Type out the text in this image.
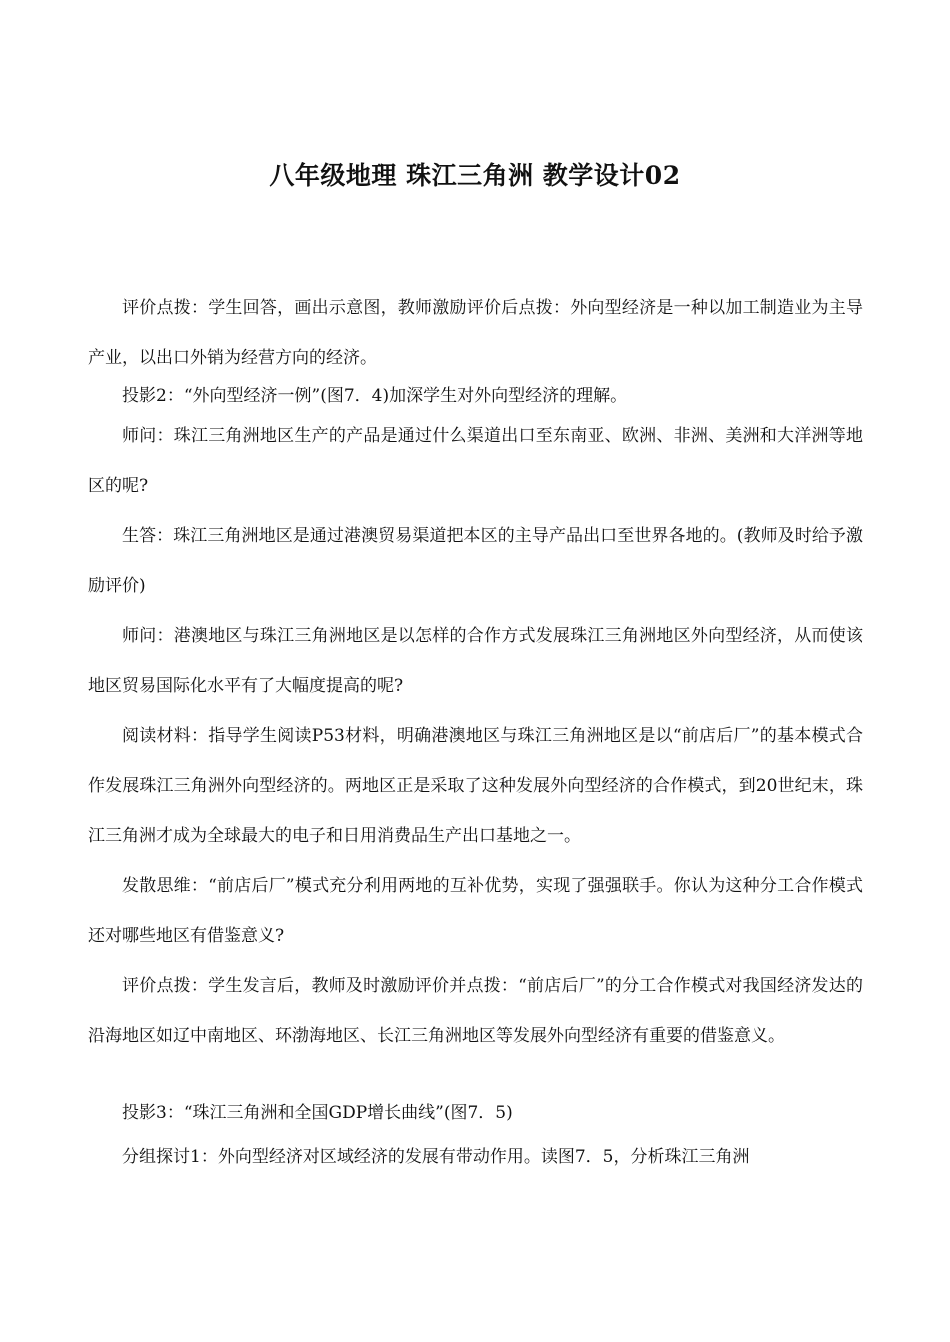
八年级地理 珠江三角洲 教学设计02

评价点拨：学生回答，画出示意图，教师激励评价后点拨：外向型经济是一种以加工制造业为主导产业，以出口外销为经营方向的经济。

投影2：“外向型经济一例”(图7．4)加深学生对外向型经济的理解。

师问：珠江三角洲地区生产的产品是通过什么渠道出口至东南亚、欧洲、非洲、美洲和大洋洲等地区的呢?

生答：珠江三角洲地区是通过港澳贸易渠道把本区的主导产品出口至世界各地的。(教师及时给予激励评价)

师问：港澳地区与珠江三角洲地区是以怎样的合作方式发展珠江三角洲地区外向型经济，从而使该地区贸易国际化水平有了大幅度提高的呢?

阅读材料：指导学生阅读P53材料，明确港澳地区与珠江三角洲地区是以“前店后厂”的基本模式合作发展珠江三角洲外向型经济的。两地区正是采取了这种发展外向型经济的合作模式，到20世纪末，珠江三角洲才成为全球最大的电子和日用消费品生产出口基地之一。

发散思维：“前店后厂”模式充分利用两地的互补优势，实现了强强联手。你认为这种分工合作模式还对哪些地区有借鉴意义?

评价点拨：学生发言后，教师及时激励评价并点拨：“前店后厂”的分工合作模式对我国经济发达的沿海地区如辽中南地区、环渤海地区、长江三角洲地区等发展外向型经济有重要的借鉴意义。

投影3：“珠江三角洲和全国GDP增长曲线”(图7．5)

分组探讨1：外向型经济对区域经济的发展有带动作用。读图7．5，分析珠江三角洲
